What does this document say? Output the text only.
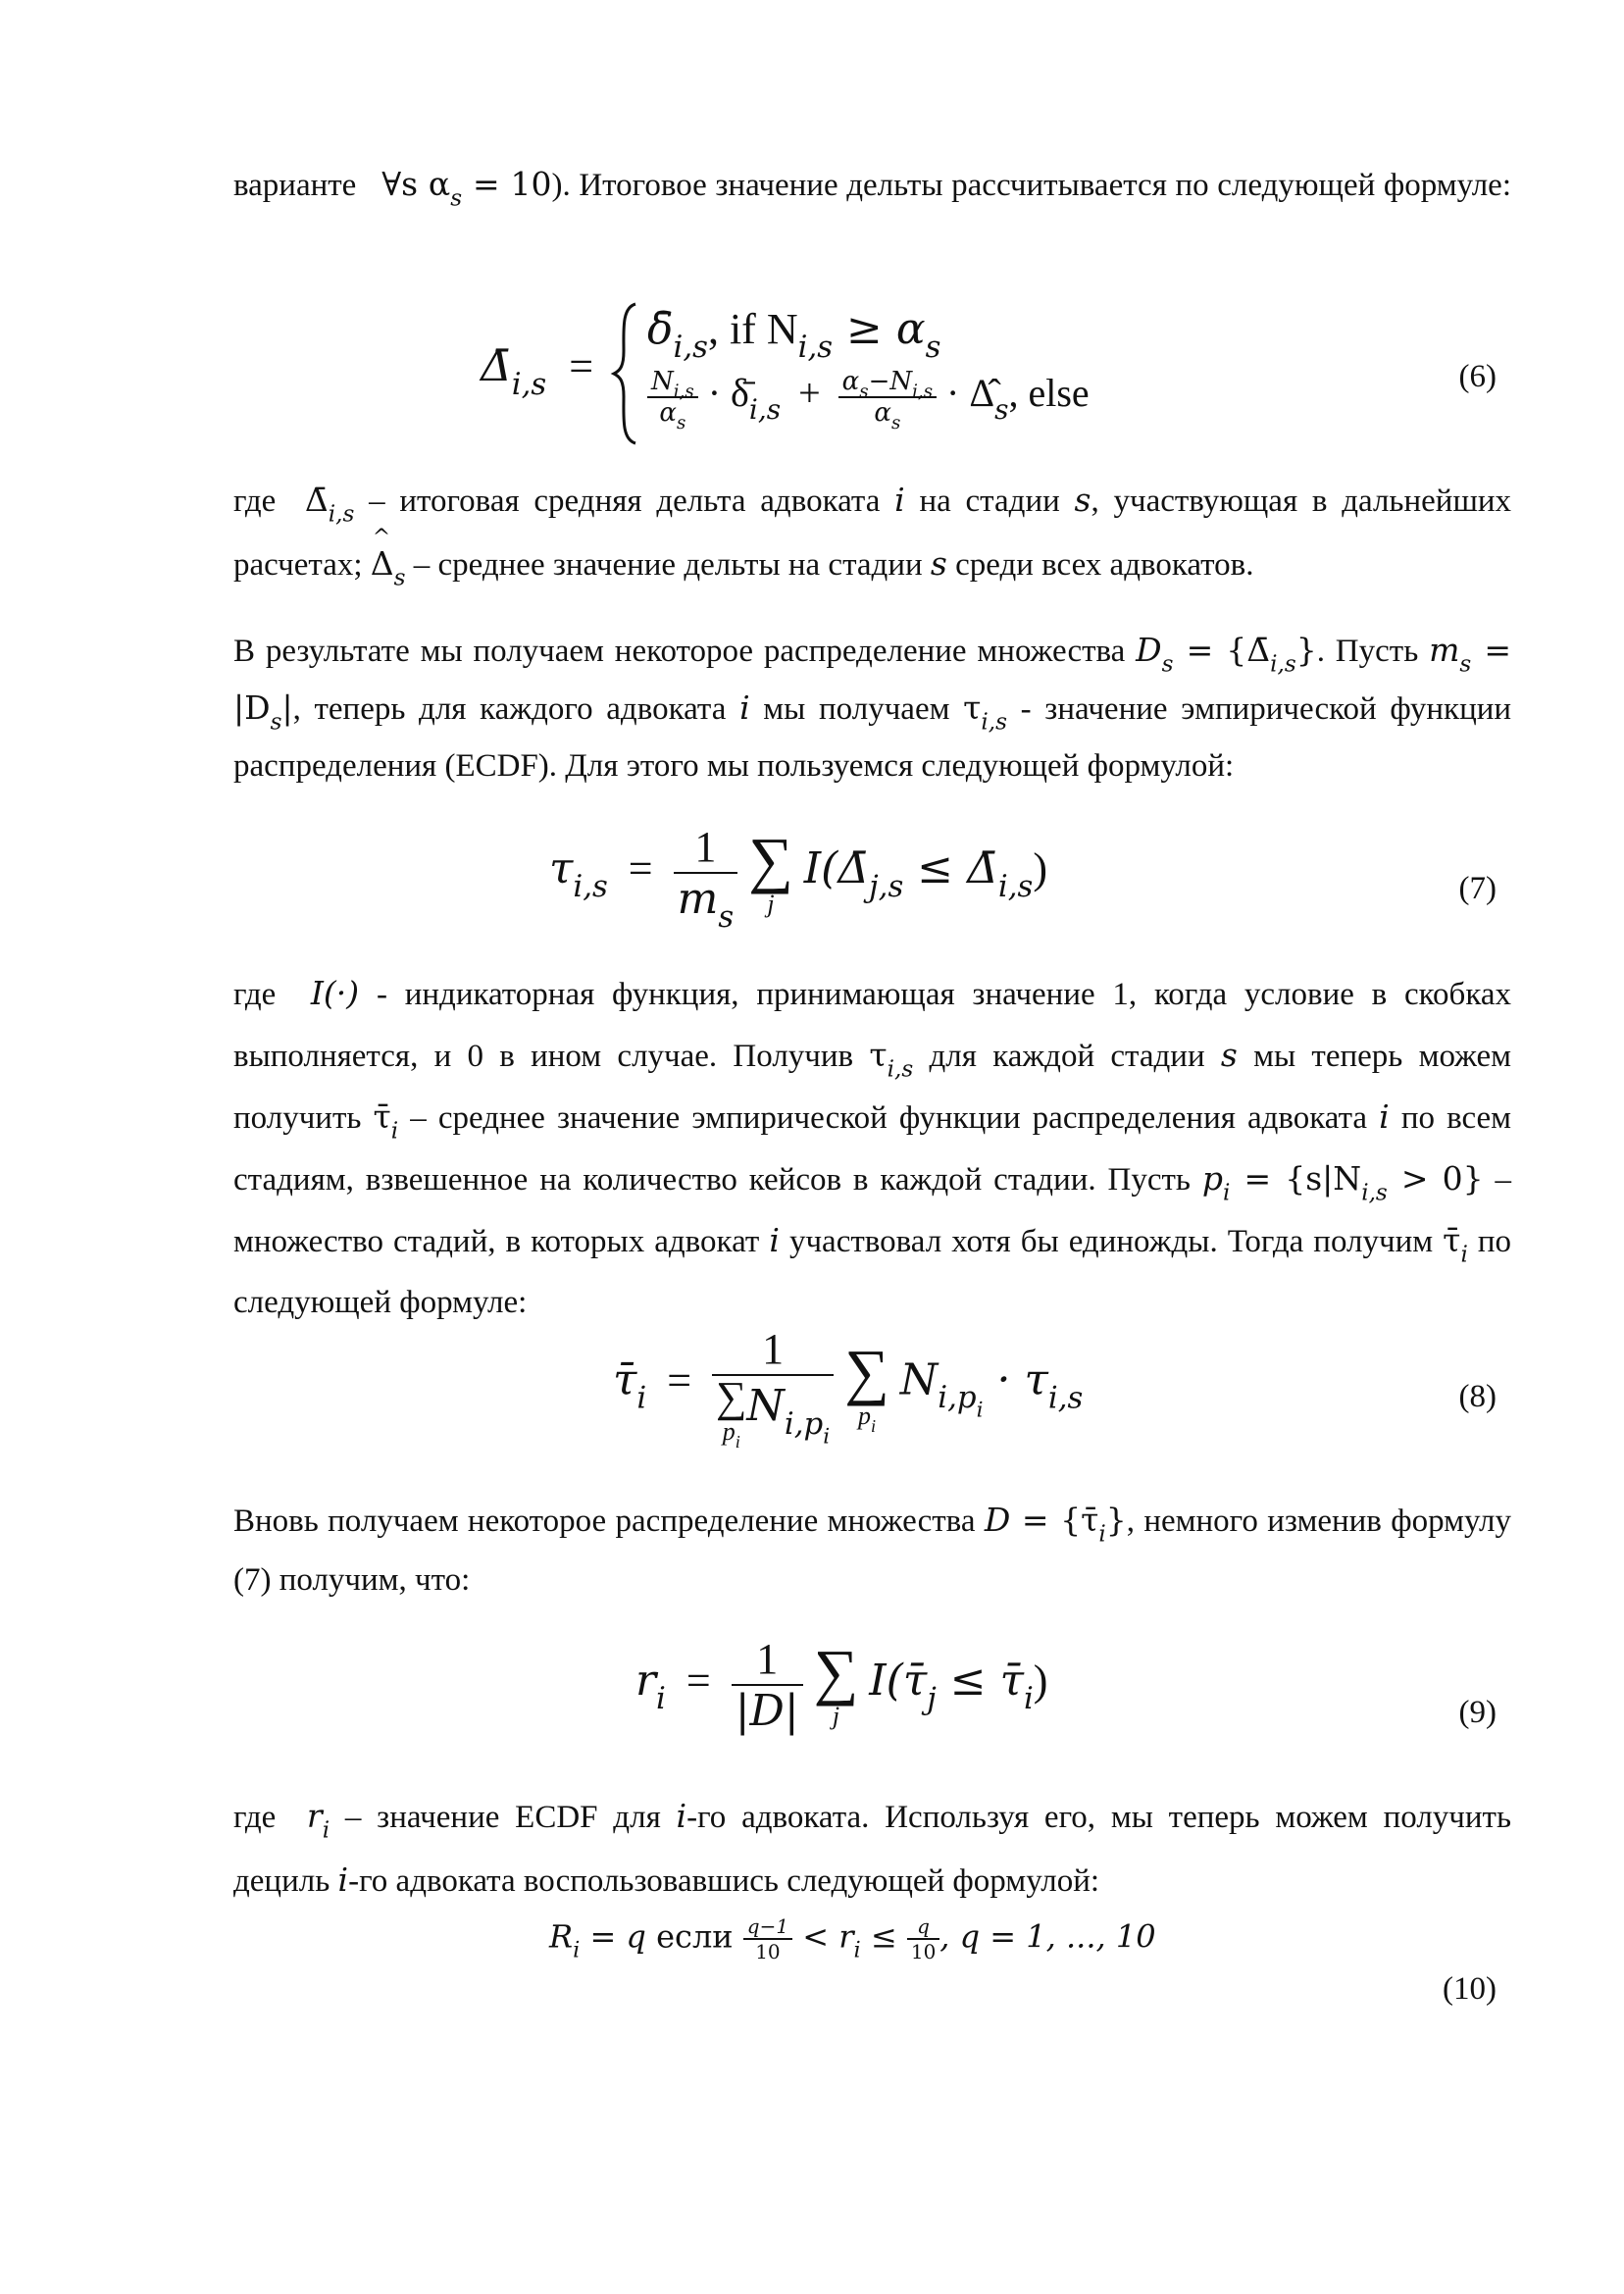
варианте ∀s $\alpha_s = 10$). Итоговое значение дельты рассчитывается по следующей формуле:

$\Deltā_{i,s}$ =
$\deltā_{i,s}$, if $N_{i,s} \ge \alpha_s$
$\frac{N_{i,s}}{\alpha_s}$ · $\deltā_{i,s} + \frac{\alpha_s-N_{i,s}}{\alpha_s}$ · $\Deltâ_s$, else	(6)

где $\Deltā_{i,s}$ – итоговая средняя дельта адвоката i на стадии s, участвующая в дальнейших расчетах;
^
$\Delta_s$ – среднее значение дельты на стадии s среди всех адвокатов.

В результате мы получаем некоторое распределение множества $D_s$ = $\{\Deltā_{i,s}\}$. Пусть $m_s = |D_s|$, теперь для каждого адвоката i мы получаем $\tau_{i,s}$ - значение эмпирической функции распределения (ECDF). Для этого мы пользуемся следующей формулой:

$\tau_{i,s} = \frac{1}{m_s}$
∑
j
$I(\Deltā_{j,s}$ ≤ $\Deltā_{i,s}$)	(7)

где I(·) - индикаторная функция, принимающая значение 1, когда условие в скобках выполняется, и 0 в ином случае. Получив $\tau_{i,s}$ для каждой стадии s мы теперь можем получить $\taū_i$ – среднее значение эмпирической функции распределения адвоката i по всем стадиям, взвешенное на количество кейсов в каждой стадии. Пусть $p_i = \{s|N_{i,s} > 0\}$ – множество стадий, в которых адвокат i участвовал хотя бы единожды. Тогда получим $\taū_i$ по следующей формуле:

$\taū_i = 1$
∑
$p_i$
$N_{i,p_i}$
∑
$p_i$
$N_{i,p_i} \cdot \tau_{i,s}$	(8)

Вновь получаем некоторое распределение множества $D = \{\taū_i\}$, немного изменив формулу (7) получим, что:

$r_i = \frac{1}{|D|}$
∑
j
$I(\taū_j$ ≤ $\taū_i$)
(9)

где $r_i$ – значение ECDF для i-го адвоката. Используя его, мы теперь можем получить дециль i-го адвоката воспользовавшись следующей формулой:

$R_i = q$ если $\frac{q-1}{10} < r_i \le \frac{q}{10}$ , q = 1, ..., 10
(10)
